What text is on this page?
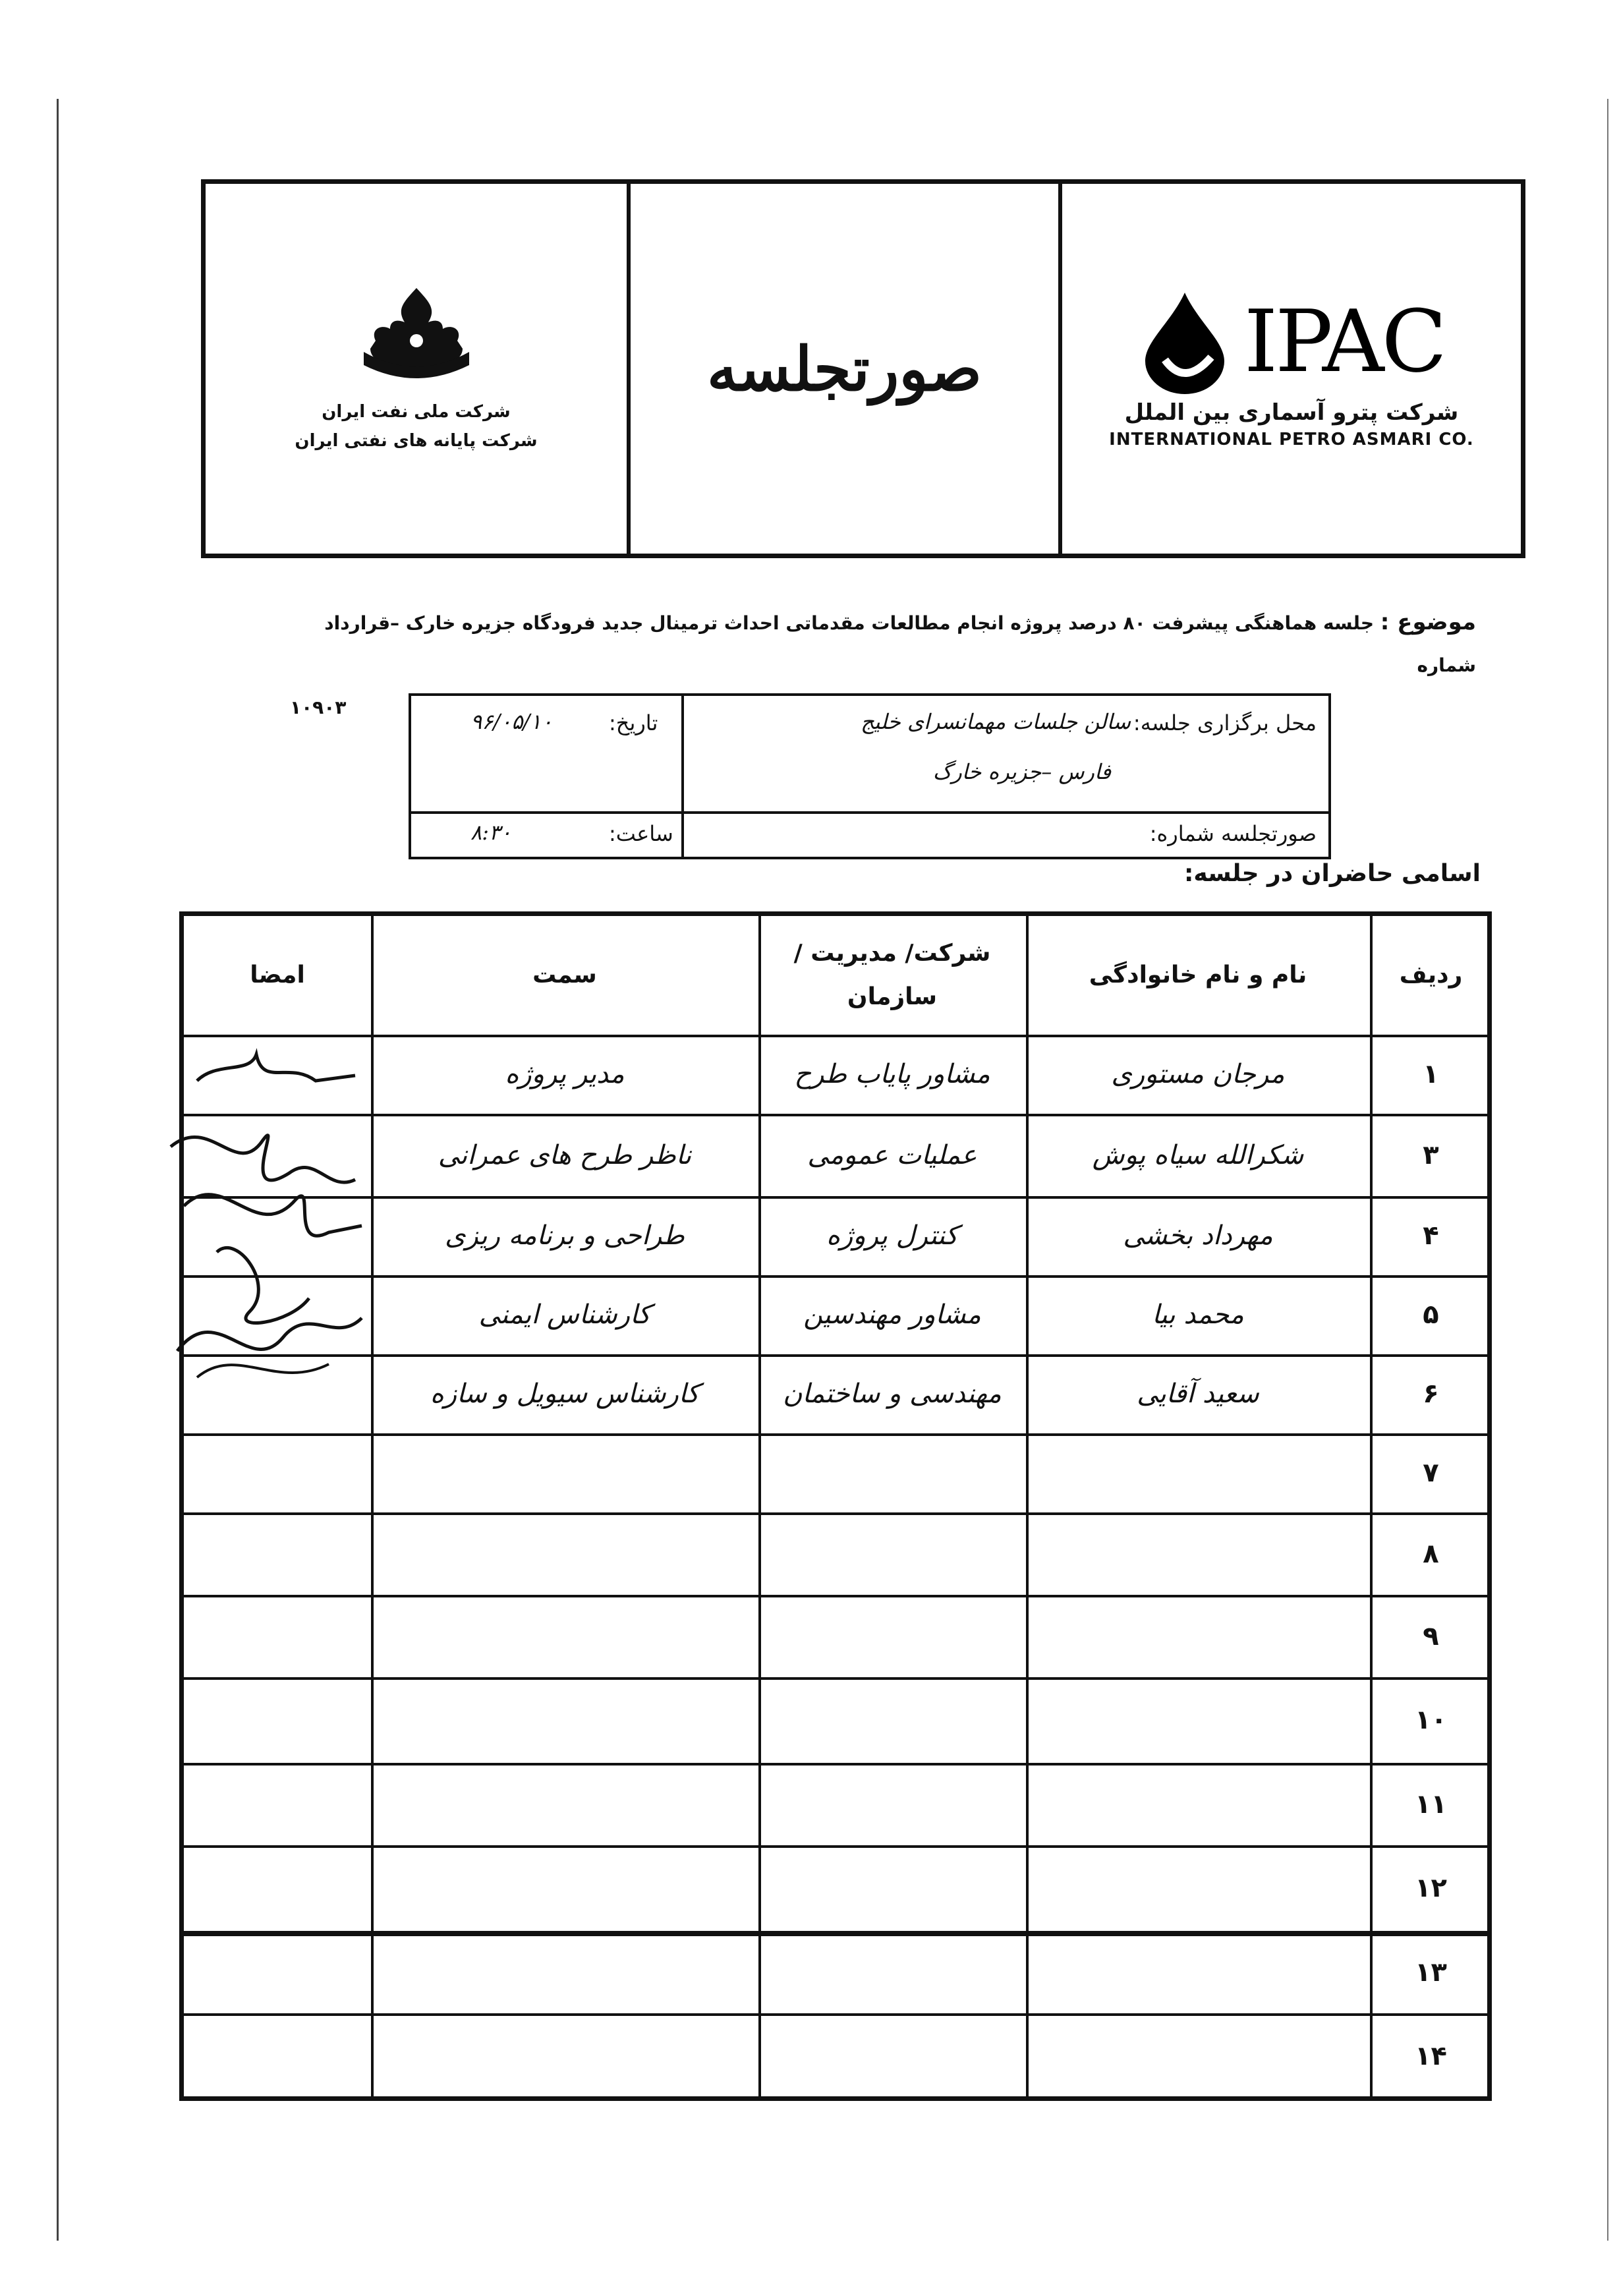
شرکت ملی نفت ایران
شرکت پایانه های نفتی ایران
صورتجلسه	IPAC
شرکت پترو آسماری بین الملل
INTERNATIONAL PETRO ASMARI CO.
موضوع : جلسه هماهنگی پیشرفت ۸۰ درصد پروژه انجام مطالعات مقدماتی احداث ترمینال جدید فرودگاه جزیره خارک –قرارداد شماره
۱۰۹۰۳
محل برگزاری جلسه:
سالن جلسات مهمانسرای خلیج
فارس –جزیره خارگ
تاریخ:
۹۶/۰۵/۱۰
صورتجلسه شماره:
ساعت:
۸:۳۰
اسامی حاضران در جلسه:
ردیف
نام و نام خانوادگی
شرکت/ مدیریت /سازمان
سمت
امضا
۱
مرجان مستوری
مشاور پایاب طرح
مدیر پروژه
۳
شکرالله سیاه پوش
عملیات عمومی
ناظر طرح های عمرانی
۴
مهرداد بخشی
کنترل پروژه
طراحی و برنامه ریزی
۵
محمد بیا
مشاور مهندسین
کارشناس ایمنی
۶
سعید آقایی
مهندسی و ساختمان
کارشناس سیویل و سازه
۷
۸
۹
۱۰
۱۱
۱۲
۱۳
۱۴
